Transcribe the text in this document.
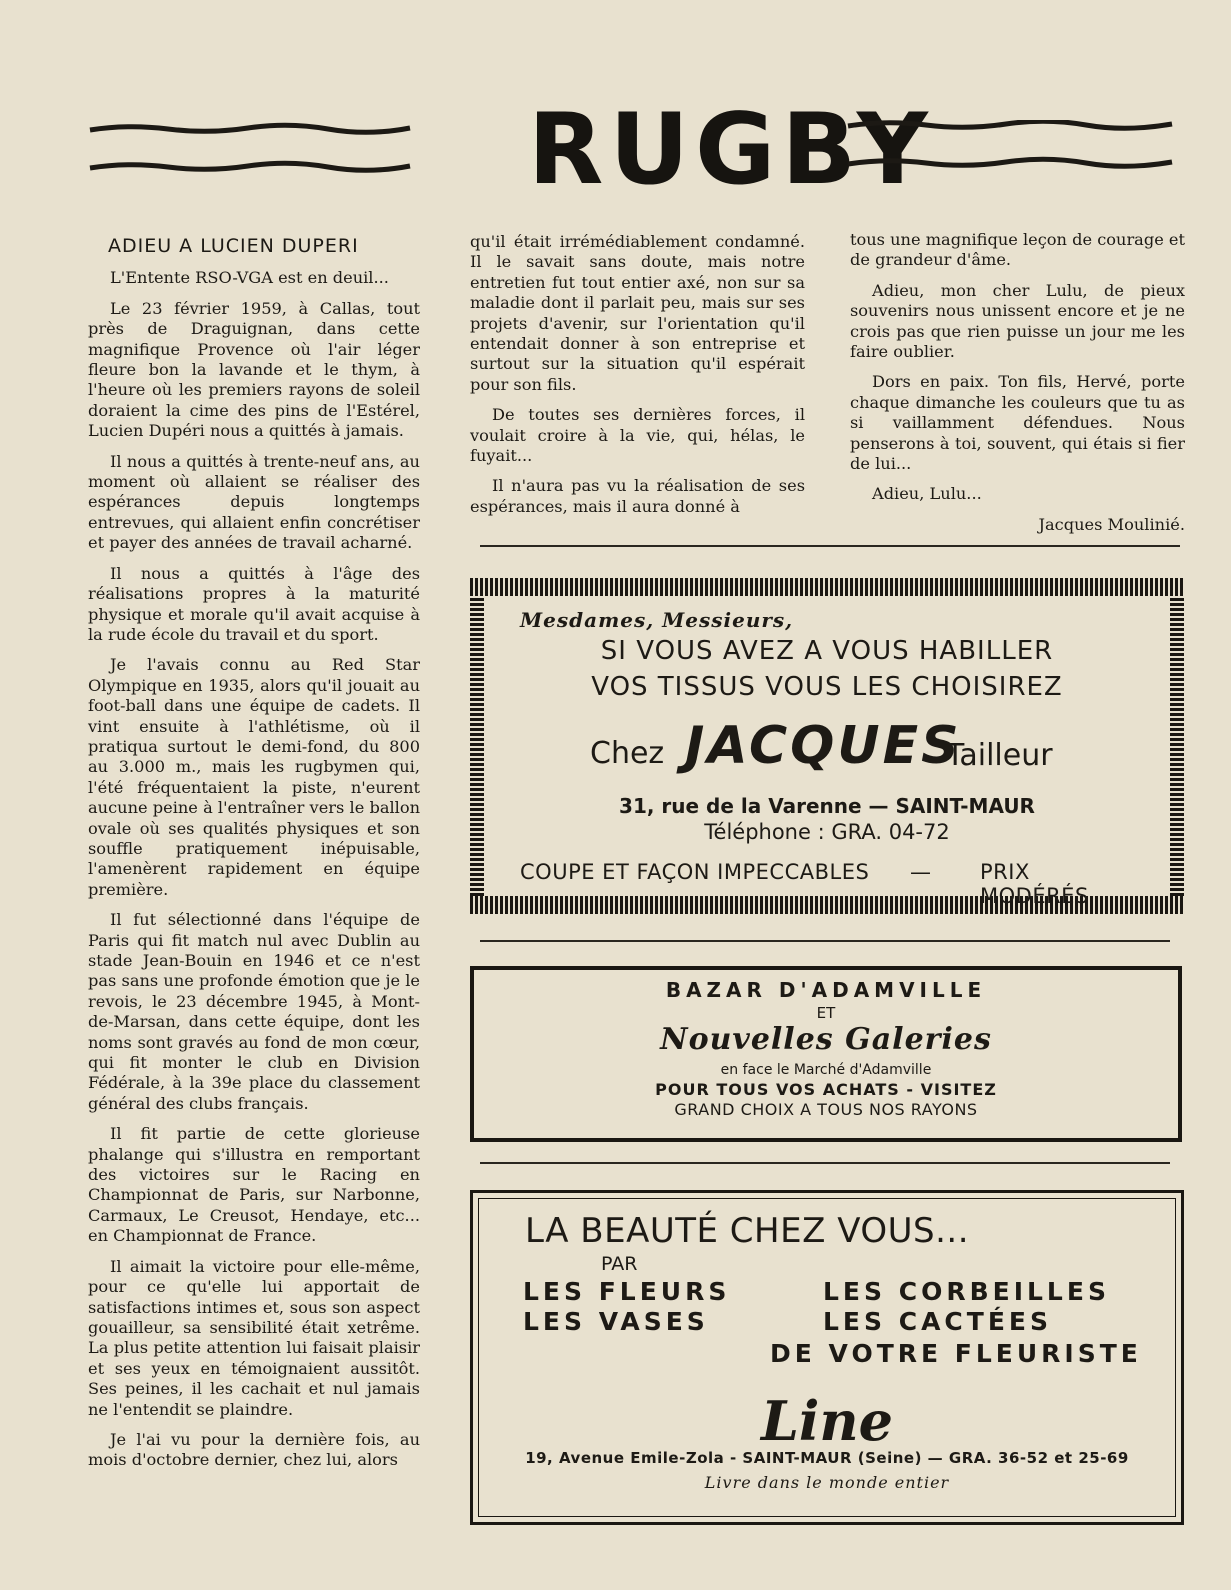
RUGBY
ADIEU A LUCIEN DUPERI

L'Entente RSO-VGA est en deuil...

Le 23 février 1959, à Callas, tout près de Draguignan, dans cette magnifique Provence où l'air léger fleure bon la lavande et le thym, à l'heure où les premiers rayons de soleil doraient la cime des pins de l'Estérel, Lucien Dupéri nous a quittés à jamais.

Il nous a quittés à trente-neuf ans, au moment où allaient se réaliser des espérances depuis longtemps entrevues, qui allaient enfin concrétiser et payer des années de travail acharné.

Il nous a quittés à l'âge des réalisations propres à la maturité physique et morale qu'il avait acquise à la rude école du travail et du sport.

Je l'avais connu au Red Star Olympique en 1935, alors qu'il jouait au foot-ball dans une équipe de cadets. Il vint ensuite à l'athlétisme, où il pratiqua surtout le demi-fond, du 800 au 3.000 m., mais les rugbymen qui, l'été fréquentaient la piste, n'eurent aucune peine à l'entraîner vers le ballon ovale où ses qualités physiques et son souffle pratiquement inépuisable, l'amenèrent rapidement en équipe première.

Il fut sélectionné dans l'équipe de Paris qui fit match nul avec Dublin au stade Jean-Bouin en 1946 et ce n'est pas sans une profonde émotion que je le revois, le 23 décembre 1945, à Mont-de-Marsan, dans cette équipe, dont les noms sont gravés au fond de mon cœur, qui fit monter le club en Division Fédérale, à la 39e place du classement général des clubs français.

Il fit partie de cette glorieuse phalange qui s'illustra en remportant des victoires sur le Racing en Championnat de Paris, sur Narbonne, Carmaux, Le Creusot, Hendaye, etc... en Championnat de France.

Il aimait la victoire pour elle-même, pour ce qu'elle lui apportait de satisfactions intimes et, sous son aspect gouailleur, sa sensibilité était xetrême. La plus petite attention lui faisait plaisir et ses yeux en témoignaient aussitôt. Ses peines, il les cachait et nul jamais ne l'entendit se plaindre.

Je l'ai vu pour la dernière fois, au mois d'octobre dernier, chez lui, alors

qu'il était irrémédiablement condamné. Il le savait sans doute, mais notre entretien fut tout entier axé, non sur sa maladie dont il parlait peu, mais sur ses projets d'avenir, sur l'orientation qu'il entendait donner à son entreprise et surtout sur la situation qu'il espérait pour son fils.

De toutes ses dernières forces, il voulait croire à la vie, qui, hélas, le fuyait...

Il n'aura pas vu la réalisation de ses espérances, mais il aura donné à

tous une magnifique leçon de courage et de grandeur d'âme.

Adieu, mon cher Lulu, de pieux souvenirs nous unissent encore et je ne crois pas que rien puisse un jour me les faire oublier.

Dors en paix. Ton fils, Hervé, porte chaque dimanche les couleurs que tu as si vaillamment défendues. Nous penserons à toi, souvent, qui étais si fier de lui...

Adieu, Lulu...

Jacques Moulinié.

Mesdames, Messieurs,
SI VOUS AVEZ A VOUS HABILLER
VOS TISSUS VOUS LES CHOISIREZ
Chez JACQUES
Tailleur
31, rue de la Varenne — SAINT-MAUR
Téléphone : GRA. 04-72
COUPE ET FAÇON IMPECCABLES — PRIX MODÉRÉS
BAZAR D'ADAMVILLE
ET
Nouvelles Galeries
en face le Marché d'Adamville
POUR TOUS VOS ACHATS - VISITEZ
GRAND CHOIX A TOUS NOS RAYONS
LA BEAUTÉ CHEZ VOUS...
PAR
LES FLEURS	LES CORBEILLES
LES VASES	LES CACTÉES
DE VOTRE FLEURISTE
Line
19, Avenue Emile-Zola - SAINT-MAUR (Seine) — GRA. 36-52 et 25-69
Livre dans le monde entier
